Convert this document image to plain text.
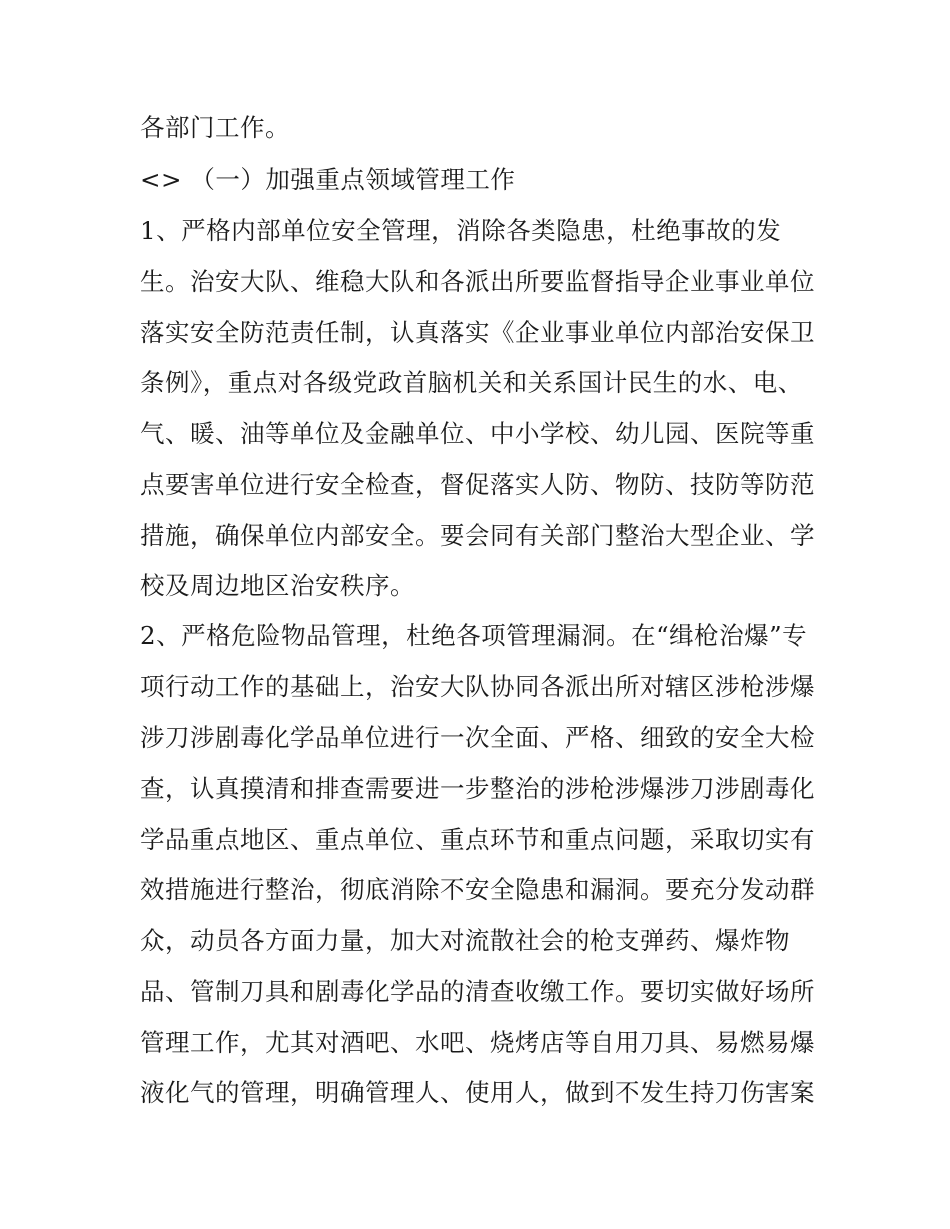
各部门工作。
<> （一）加强重点领域管理工作
1、严格内部单位安全管理，消除各类隐患，杜绝事故的发
生。治安大队、维稳大队和各派出所要监督指导企业事业单位
落实安全防范责任制，认真落实《企业事业单位内部治安保卫
条例》，重点对各级党政首脑机关和关系国计民生的水、电、
气、暖、油等单位及金融单位、中小学校、幼儿园、医院等重
点要害单位进行安全检查，督促落实人防、物防、技防等防范
措施，确保单位内部安全。要会同有关部门整治大型企业、学
校及周边地区治安秩序。
2、严格危险物品管理，杜绝各项管理漏洞。在“缉枪治爆”专
项行动工作的基础上，治安大队协同各派出所对辖区涉枪涉爆
涉刀涉剧毒化学品单位进行一次全面、严格、细致的安全大检
查，认真摸清和排查需要进一步整治的涉枪涉爆涉刀涉剧毒化
学品重点地区、重点单位、重点环节和重点问题，采取切实有
效措施进行整治，彻底消除不安全隐患和漏洞。要充分发动群
众，动员各方面力量，加大对流散社会的枪支弹药、爆炸物
品、管制刀具和剧毒化学品的清查收缴工作。要切实做好场所
管理工作，尤其对酒吧、水吧、烧烤店等自用刀具、易燃易爆
液化气的管理，明确管理人、使用人，做到不发生持刀伤害案
